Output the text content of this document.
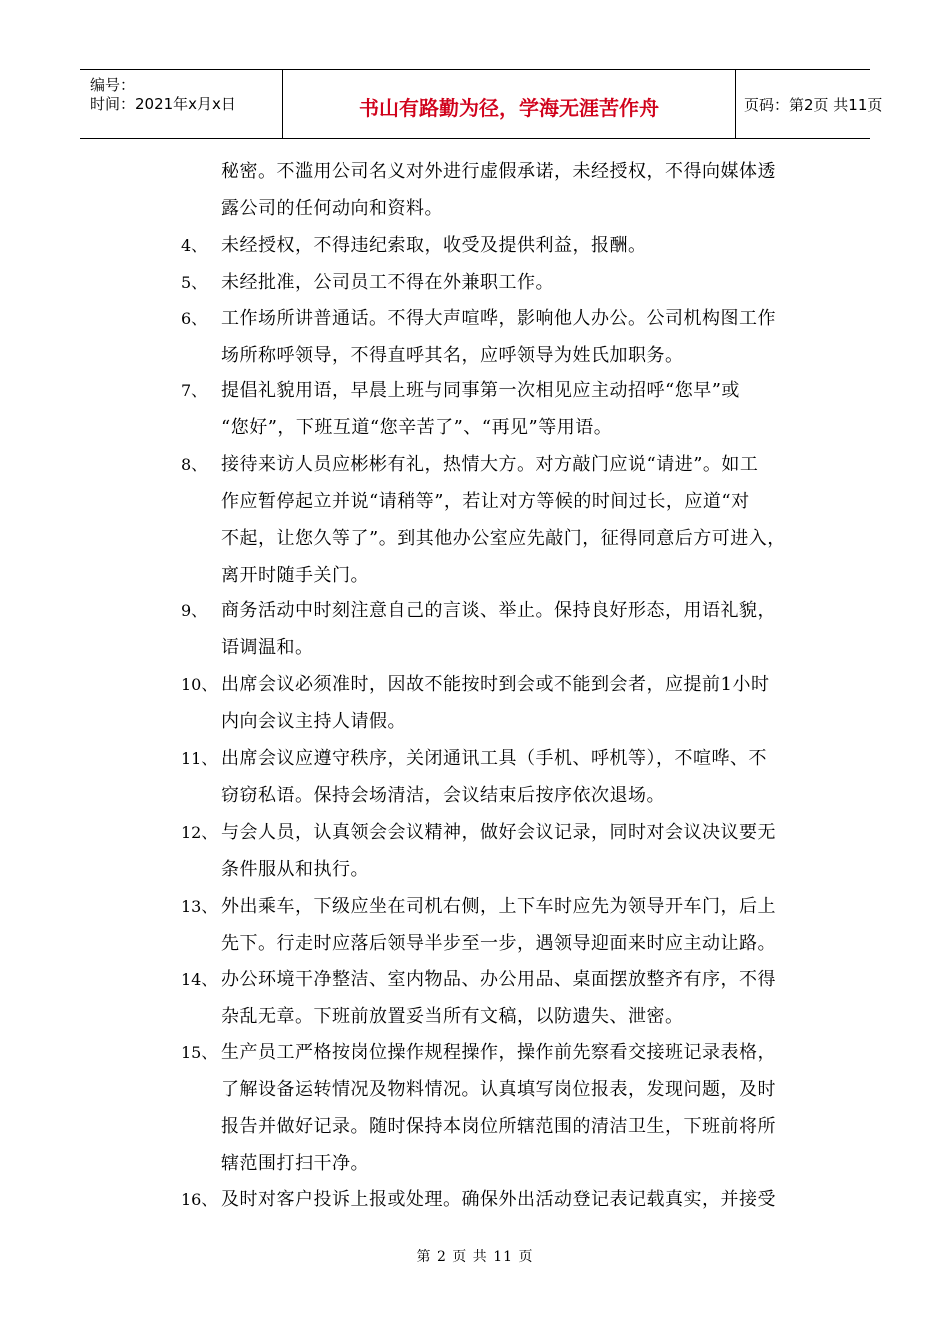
编号：
时间：2021年x月x日	书山有路勤为径，学海无涯苦作舟	页码：第2页 共11页
秘密。不滥用公司名义对外进行虚假承诺，未经授权，不得向媒体透
露公司的任何动向和资料。
4、 未经授权，不得违纪索取，收受及提供利益，报酬。
5、 未经批准，公司员工不得在外兼职工作。
6、 工作场所讲普通话。不得大声喧哗，影响他人办公。公司机构图工作
场所称呼领导，不得直呼其名，应呼领导为姓氏加职务。
7、 提倡礼貌用语，早晨上班与同事第一次相见应主动招呼“您早”或
“您好”，下班互道“您辛苦了”、“再见”等用语。
8、 接待来访人员应彬彬有礼，热情大方。对方敲门应说“请进”。如工
作应暂停起立并说“请稍等”，若让对方等候的时间过长，应道“对
不起，让您久等了”。到其他办公室应先敲门，征得同意后方可进入，
离开时随手关门。
9、 商务活动中时刻注意自己的言谈、举止。保持良好形态，用语礼貌，
语调温和。
10、 出席会议必须准时，因故不能按时到会或不能到会者，应提前1小时
内向会议主持人请假。
11、 出席会议应遵守秩序，关闭通讯工具（手机、呼机等），不喧哗、不
窃窃私语。保持会场清洁，会议结束后按序依次退场。
12、 与会人员，认真领会会议精神，做好会议记录，同时对会议决议要无
条件服从和执行。
13、 外出乘车，下级应坐在司机右侧，上下车时应先为领导开车门，后上
先下。行走时应落后领导半步至一步，遇领导迎面来时应主动让路。
14、 办公环境干净整洁、室内物品、办公用品、桌面摆放整齐有序，不得
杂乱无章。下班前放置妥当所有文稿，以防遗失、泄密。
15、 生产员工严格按岗位操作规程操作，操作前先察看交接班记录表格，
了解设备运转情况及物料情况。认真填写岗位报表，发现问题，及时
报告并做好记录。随时保持本岗位所辖范围的清洁卫生，下班前将所
辖范围打扫干净。
16、 及时对客户投诉上报或处理。确保外出活动登记表记载真实，并接受
第 2 页 共 11 页
